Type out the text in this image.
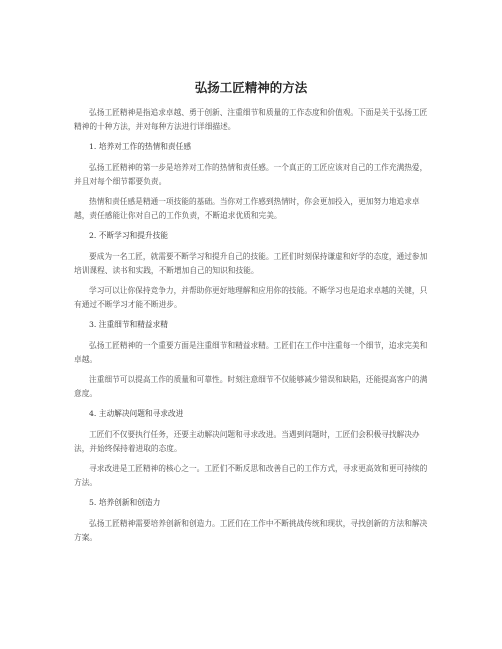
弘扬工匠精神的方法

弘扬工匠精神是指追求卓越、勇于创新、注重细节和质量的工作态度和价值观。下面是关于弘扬工匠精神的十种方法，并对每种方法进行详细描述。

1. 培养对工作的热情和责任感

弘扬工匠精神的第一步是培养对工作的热情和责任感。一个真正的工匠应该对自己的工作充满热爱，并且对每个细节都要负责。

热情和责任感是精通一项技能的基础。当你对工作感到热情时，你会更加投入，更加努力地追求卓越，责任感能让你对自己的工作负责，不断追求优质和完美。

2. 不断学习和提升技能

要成为一名工匠，就需要不断学习和提升自己的技能。工匠们时刻保持谦虚和好学的态度，通过参加培训课程、读书和实践，不断增加自己的知识和技能。

学习可以让你保持竞争力，并帮助你更好地理解和应用你的技能。不断学习也是追求卓越的关键，只有通过不断学习才能不断进步。

3. 注重细节和精益求精

弘扬工匠精神的一个重要方面是注重细节和精益求精。工匠们在工作中注重每一个细节，追求完美和卓越。

注重细节可以提高工作的质量和可靠性。时刻注意细节不仅能够减少错误和缺陷，还能提高客户的满意度。

4. 主动解决问题和寻求改进

工匠们不仅要执行任务，还要主动解决问题和寻求改进。当遇到问题时，工匠们会积极寻找解决办法，并始终保持着进取的态度。

寻求改进是工匠精神的核心之一。工匠们不断反思和改善自己的工作方式，寻求更高效和更可持续的方法。

5. 培养创新和创造力

弘扬工匠精神需要培养创新和创造力。工匠们在工作中不断挑战传统和现状，寻找创新的方法和解决方案。
